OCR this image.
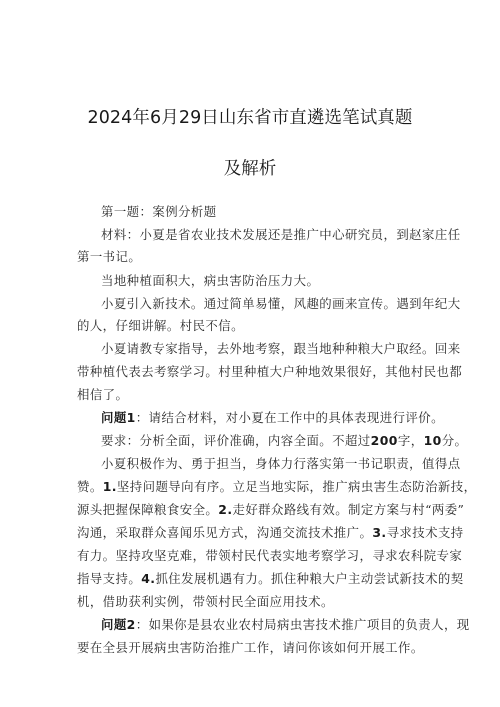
2024年6月29日山东省市直遴选笔试真题
及解析
第一题：案例分析题
材料：小夏是省农业技术发展还是推广中心研究员，到赵家庄任
第一书记。
当地种植面积大，病虫害防治压力大。
小夏引入新技术。通过简单易懂，风趣的画来宣传。遇到年纪大
的人，仔细讲解。村民不信。
小夏请教专家指导，去外地考察，跟当地种种粮大户取经。回来
带种植代表去考察学习。村里种植大户种地效果很好，其他村民也都
相信了。
问题1：请结合材料，对小夏在工作中的具体表现进行评价。
要求：分析全面，评价准确，内容全面。不超过200字，10分。
小夏积极作为、勇于担当，身体力行落实第一书记职责，值得点
赞。1.坚持问题导向有序。立足当地实际，推广病虫害生态防治新技，
源头把握保障粮食安全。2.走好群众路线有效。制定方案与村“两委”
沟通，采取群众喜闻乐见方式，沟通交流技术推广。3.寻求技术支持
有力。坚持攻坚克难，带领村民代表实地考察学习，寻求农科院专家
指导支持。4.抓住发展机遇有力。抓住种粮大户主动尝试新技术的契
机，借助获利实例，带领村民全面应用技术。
问题2：如果你是县农业农村局病虫害技术推广项目的负责人，现
要在全县开展病虫害防治推广工作，请问你该如何开展工作。
